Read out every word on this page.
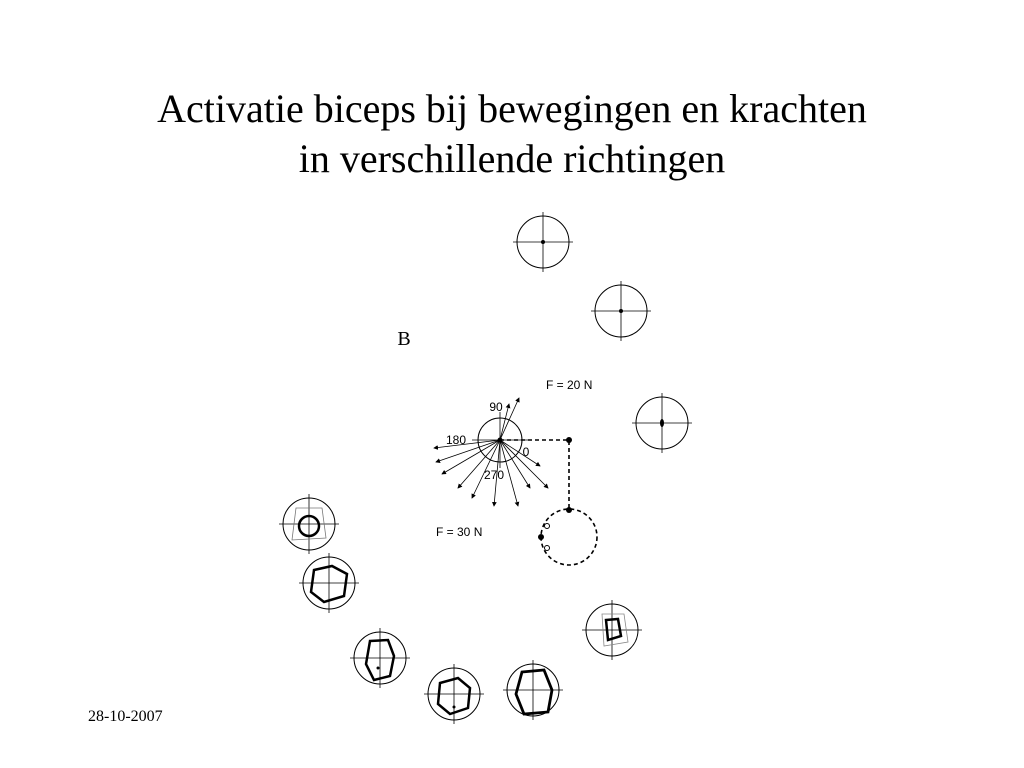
Activatie biceps bij bewegingen en krachten
in verschillende richtingen
B
F = 20 N
F = 30 N
90
180
270
0
28-10-2007
